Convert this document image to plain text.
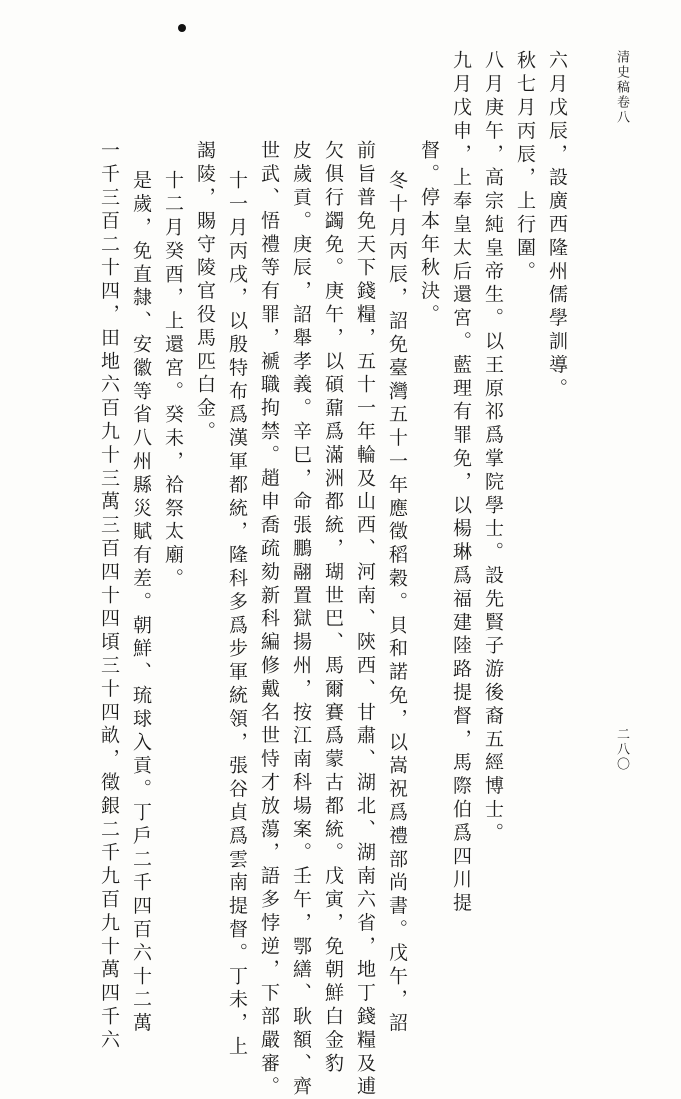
清史稿卷八
二八〇
六月戊辰，設廣西隆州儒學訓導。
秋七月丙辰，上行圍。
八月庚午，高宗純皇帝生。以王原祁爲掌院學士。設先賢子游後裔五經博士。
九月戊申，上奉皇太后還宮。藍理有罪免，以楊琳爲福建陸路提督，馬際伯爲四川提
督。停本年秋決。
冬十月丙辰，詔免臺灣五十一年應徵稻穀。貝和諾免，以嵩祝爲禮部尚書。戊午，詔
前旨普免天下錢糧，五十一年輪及山西、河南、陝西、甘肅、湖北、湖南六省，地丁錢糧及逋
欠俱行蠲免。庚午，以碩鼐爲滿洲都統，瑚世巴、馬爾賽爲蒙古都統。戊寅，免朝鮮白金豹
皮歲貢。庚辰，詔舉孝義。辛巳，命張鵬翮置獄揚州，按江南科場案。壬午，鄂繕、耿額、齊
世武、悟禮等有罪，褫職拘禁。趙申喬疏劾新科編修戴名世恃才放蕩，語多悖逆，下部嚴審。
十一月丙戌，以殷特布爲漢軍都統，隆科多爲步軍統領，張谷貞爲雲南提督。丁未，上
謁陵，賜守陵官役馬匹白金。
十二月癸酉，上還宮。癸未，祫祭太廟。
是歲，免直隸、安徽等省八州縣災賦有差。朝鮮、琉球入貢。丁戶二千四百六十二萬
一千三百二十四，田地六百九十三萬三百四十四頃三十四畝，徵銀二千九百九十萬四千六
